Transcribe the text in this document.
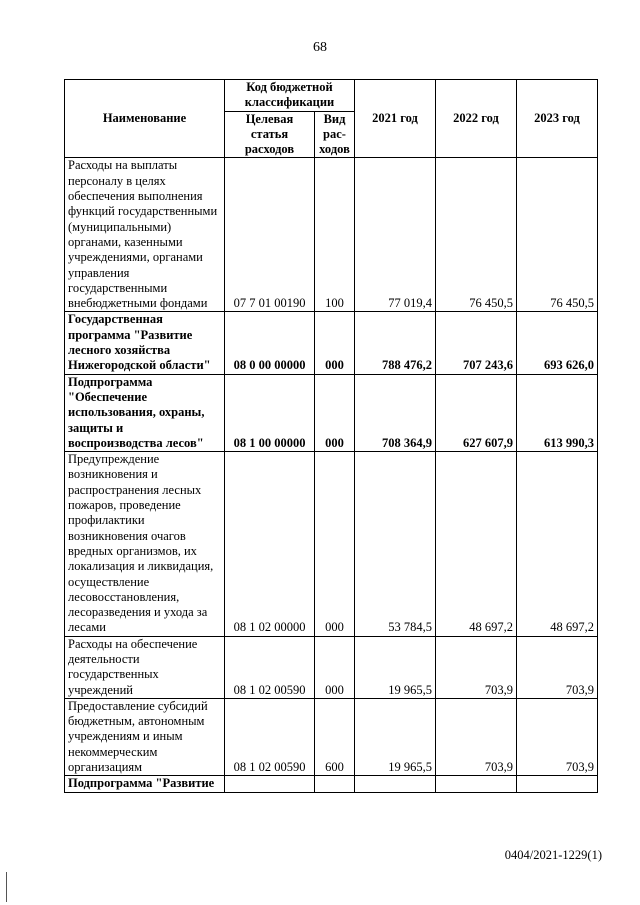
68
Наименование	Код бюджетной классификации		2021 год	2022 год	2023 год
	Целевая статья расходов	Вид рас-ходов			
Расходы на выплаты персоналу в целях обеспечения выполнения функций государственными (муниципальными) органами, казенными учреждениями, органами управления государственными внебюджетными фондами	07 7 01 00190	100	77 019,4	76 450,5	76 450,5
Государственная программа "Развитие лесного хозяйства Нижегородской области"	08 0 00 00000	000	788 476,2	707 243,6	693 626,0
Подпрограмма "Обеспечение использования, охраны, защиты и воспроизводства лесов"	08 1 00 00000	000	708 364,9	627 607,9	613 990,3
Предупреждение возникновения и распространения лесных пожаров, проведение профилактики возникновения очагов вредных организмов, их локализация и ликвидация, осуществление лесовосстановления, лесоразведения и ухода за лесами	08 1 02 00000	000	53 784,5	48 697,2	48 697,2
Расходы на обеспечение деятельности государственных учреждений	08 1 02 00590	000	19 965,5	703,9	703,9
Предоставление субсидий бюджетным, автономным учреждениям и иным некоммерческим организациям	08 1 02 00590	600	19 965,5	703,9	703,9
Подпрограмма "Развитие					
0404/2021-1229(1)
